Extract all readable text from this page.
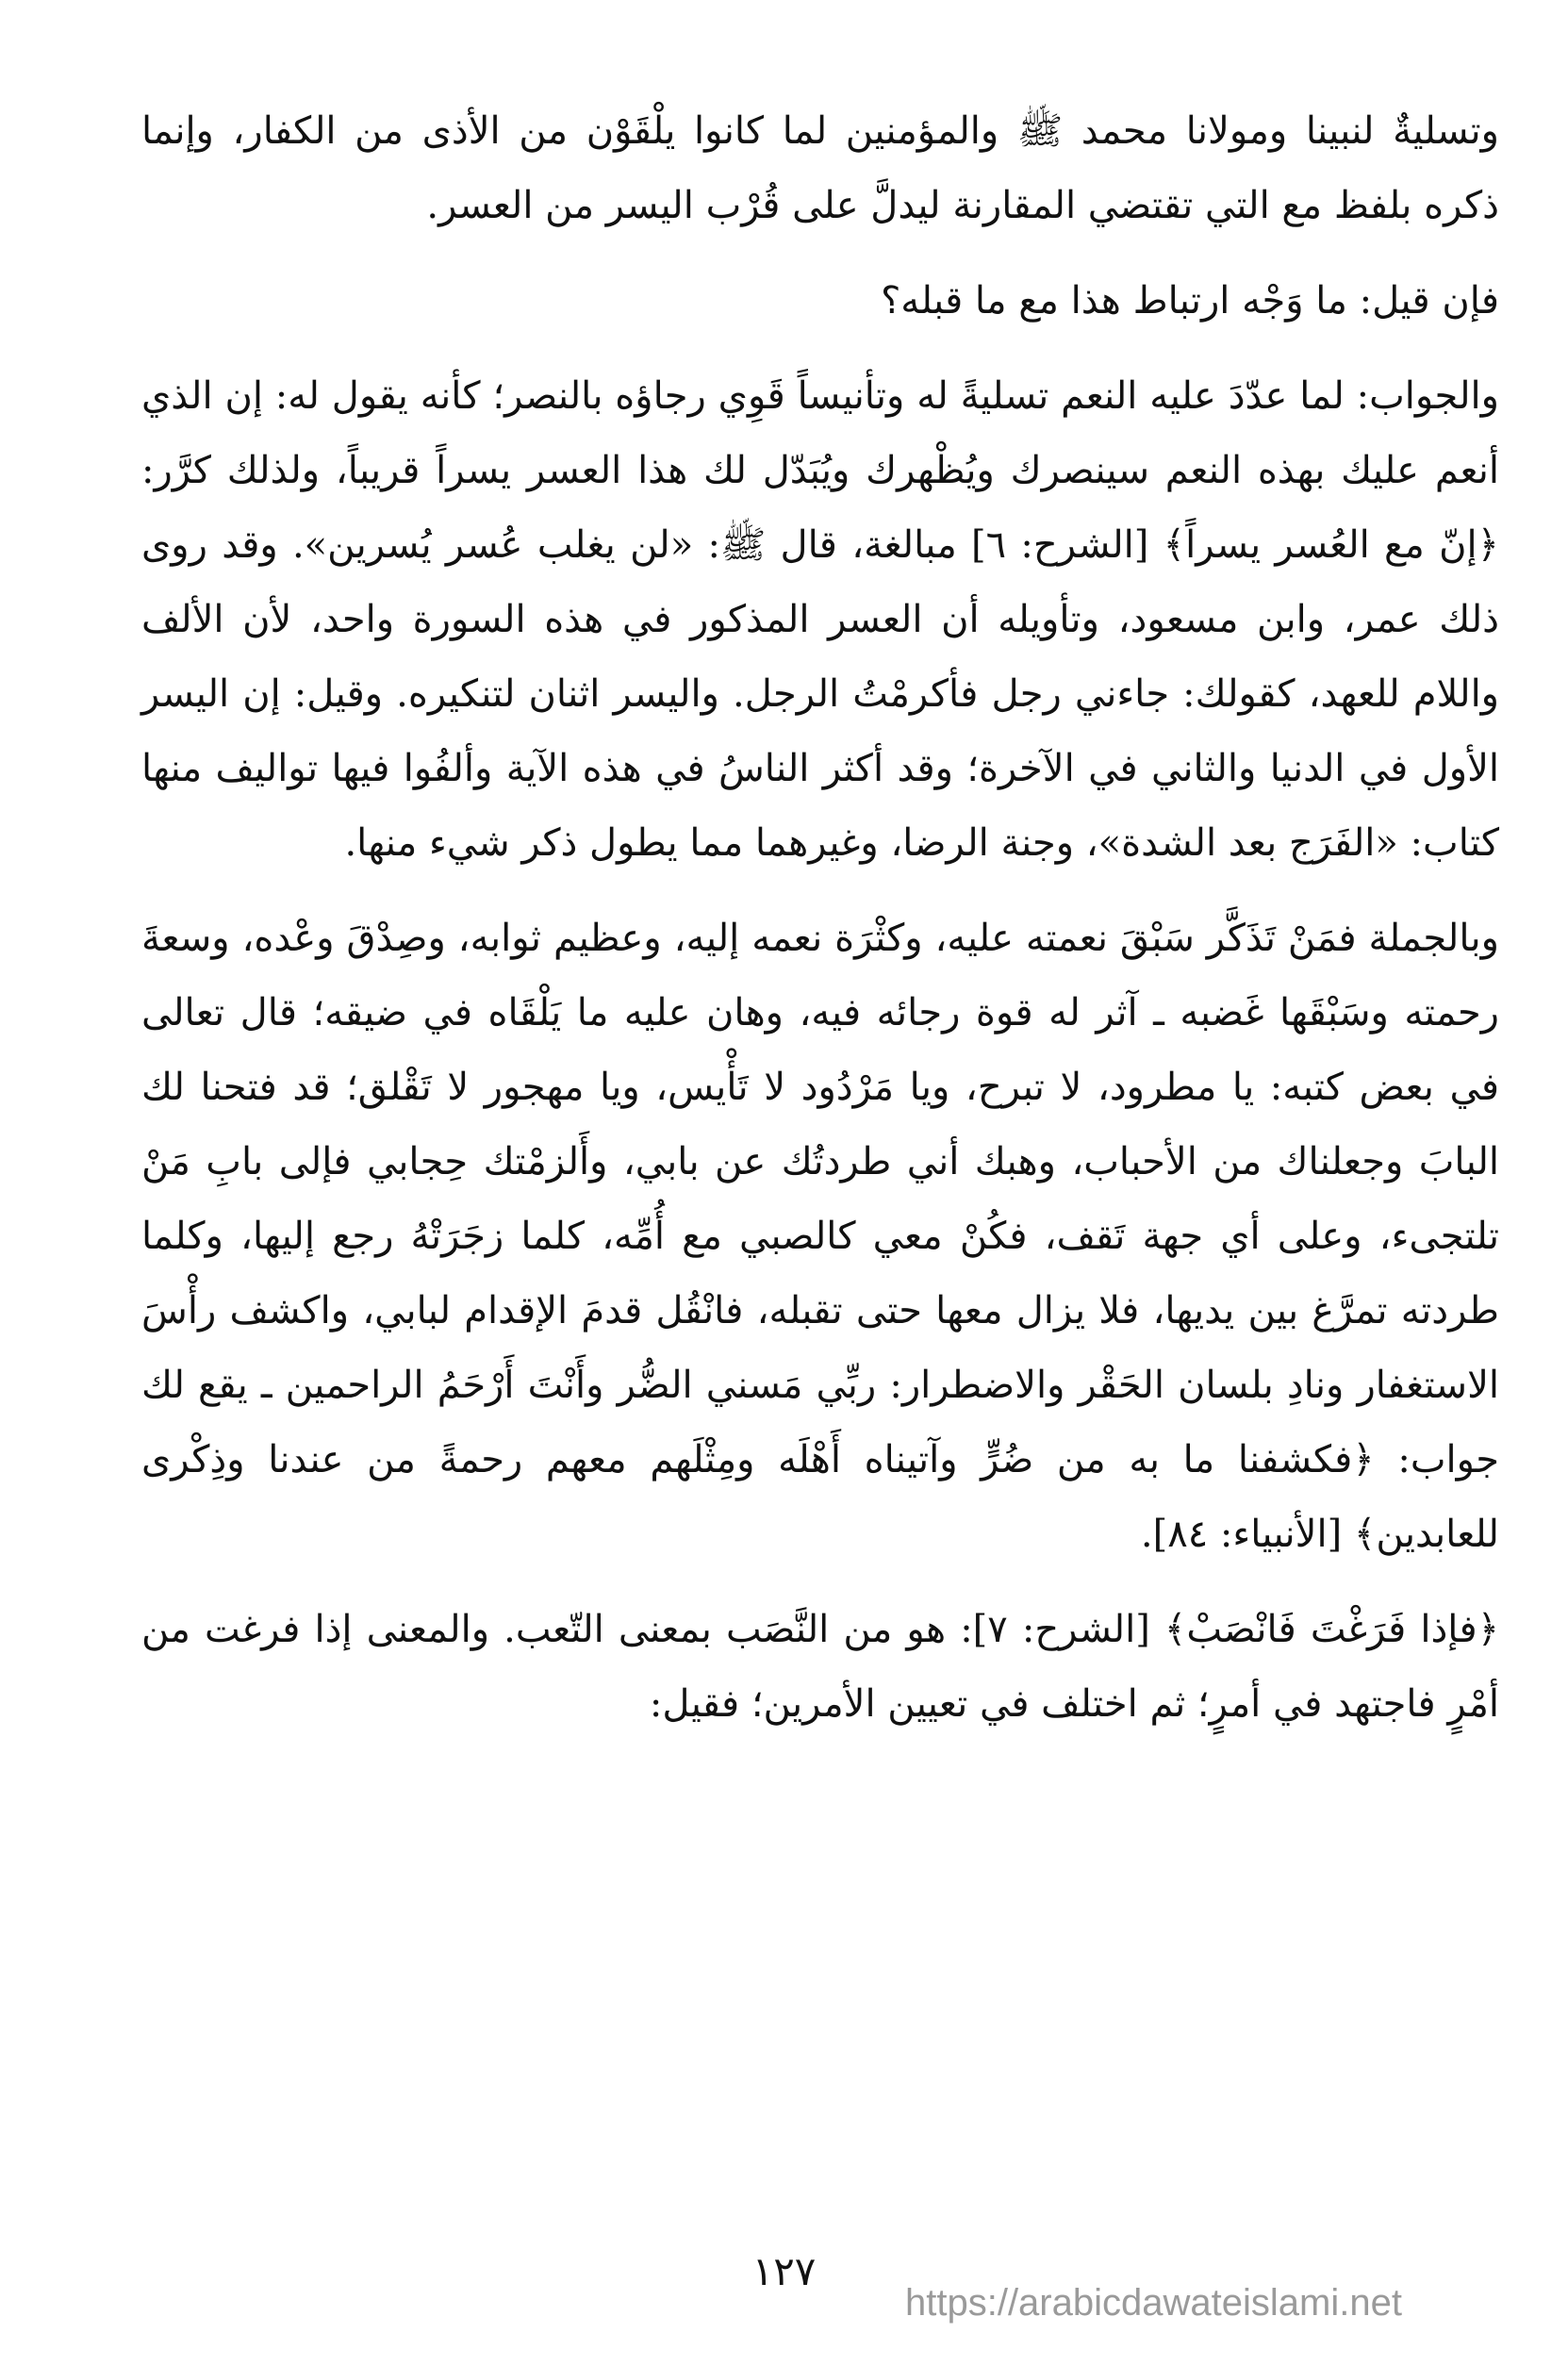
وتسليةٌ لنبينا ومولانا محمد ﷺ والمؤمنين لما كانوا يلْقَوْن من الأذى من الكفار، وإنما ذكره بلفظ مع التي تقتضي المقارنة ليدلَّ على قُرْب اليسر من العسر.

فإن قيل: ما وَجْه ارتباط هذا مع ما قبله؟

والجواب: لما عدّدَ عليه النعم تسليةً له وتأنيساً قَوِي رجاؤه بالنصر؛ كأنه يقول له: إن الذي أنعم عليك بهذه النعم سينصرك ويُظْهرك ويُبَدّل لك هذا العسر يسراً قريباً، ولذلك كرَّر: ﴿إنّ مع العُسر يسراً﴾ [الشرح: ٦] مبالغة، قال ﷺ: «لن يغلب عُسر يُسرين». وقد روى ذلك عمر، وابن مسعود، وتأويله أن العسر المذكور في هذه السورة واحد، لأن الألف واللام للعهد، كقولك: جاءني رجل فأكرمْتُ الرجل. واليسر اثنان لتنكيره. وقيل: إن اليسر الأول في الدنيا والثاني في الآخرة؛ وقد أكثر الناسُ في هذه الآية وألفُوا فيها تواليف منها كتاب: «الفَرَج بعد الشدة»، وجنة الرضا، وغيرهما مما يطول ذكر شيء منها.

وبالجملة فمَنْ تَذَكَّر سَبْقَ نعمته عليه، وكثْرَة نعمه إليه، وعظيم ثوابه، وصِدْقَ وعْده، وسعةَ رحمته وسَبْقَها غَضبه ـ آثر له قوة رجائه فيه، وهان عليه ما يَلْقَاه في ضيقه؛ قال تعالى في بعض كتبه: يا مطرود، لا تبرح، ويا مَرْدُود لا تَأْيس، ويا مهجور لا تَقْلق؛ قد فتحنا لك البابَ وجعلناك من الأحباب، وهبك أني طردتُك عن بابي، وأَلزمْتك حِجابي فإلى بابِ مَنْ تلتجىء، وعلى أي جهة تَقف، فكُنْ معي كالصبي مع أُمِّه، كلما زجَرَتْهُ رجع إليها، وكلما طردته تمرَّغ بين يديها، فلا يزال معها حتى تقبله، فانْقُل قدمَ الإقدام لبابي، واكشف رأْسَ الاستغفار ونادِ بلسان الحَقْر والاضطرار: ربِّي مَسني الضُّر وأَنْتَ أَرْحَمُ الراحمين ـ يقع لك جواب: ﴿فكشفنا ما به من ضُرٍّ وآتيناه أَهْلَه ومِثْلَهم معهم رحمةً من عندنا وذِكْرى للعابدين﴾ [الأنبياء: ٨٤].

﴿فإذا فَرَغْتَ فَانْصَبْ﴾ [الشرح: ٧]: هو من النَّصَب بمعنى التّعب. والمعنى إذا فرغت من أمْرٍ فاجتهد في أمرٍ؛ ثم اختلف في تعيين الأمرين؛ فقيل:

١٢٧
https://arabicdawateislami.net
